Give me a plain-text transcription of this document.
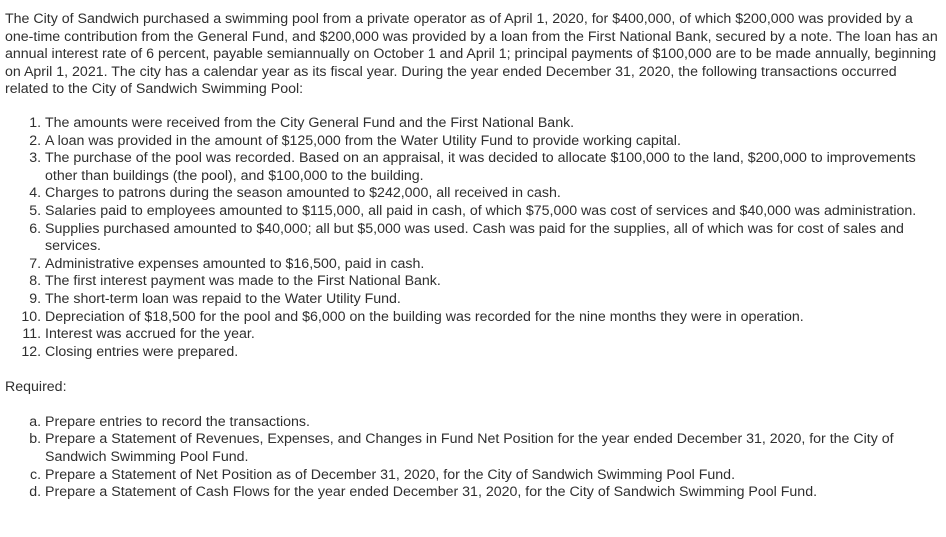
The City of Sandwich purchased a swimming pool from a private operator as of April 1, 2020, for $400,000, of which $200,000 was provided by a one-time contribution from the General Fund, and $200,000 was provided by a loan from the First National Bank, secured by a note. The loan has an annual interest rate of 6 percent, payable semiannually on October 1 and April 1; principal payments of $100,000 are to be made annually, beginning on April 1, 2021. The city has a calendar year as its fiscal year. During the year ended December 31, 2020, the following transactions occurred related to the City of Sandwich Swimming Pool:

1. The amounts were received from the City General Fund and the First National Bank.
2. A loan was provided in the amount of $125,000 from the Water Utility Fund to provide working capital.
3. The purchase of the pool was recorded. Based on an appraisal, it was decided to allocate $100,000 to the land, $200,000 to improvements other than buildings (the pool), and $100,000 to the building.
4. Charges to patrons during the season amounted to $242,000, all received in cash.
5. Salaries paid to employees amounted to $115,000, all paid in cash, of which $75,000 was cost of services and $40,000 was administration.
6. Supplies purchased amounted to $40,000; all but $5,000 was used. Cash was paid for the supplies, all of which was for cost of sales and services.
7. Administrative expenses amounted to $16,500, paid in cash.
8. The first interest payment was made to the First National Bank.
9. The short-term loan was repaid to the Water Utility Fund.
10. Depreciation of $18,500 for the pool and $6,000 on the building was recorded for the nine months they were in operation.
11. Interest was accrued for the year.
12. Closing entries were prepared.

Required:

a. Prepare entries to record the transactions.
b. Prepare a Statement of Revenues, Expenses, and Changes in Fund Net Position for the year ended December 31, 2020, for the City of Sandwich Swimming Pool Fund.
c. Prepare a Statement of Net Position as of December 31, 2020, for the City of Sandwich Swimming Pool Fund.
d. Prepare a Statement of Cash Flows for the year ended December 31, 2020, for the City of Sandwich Swimming Pool Fund.
